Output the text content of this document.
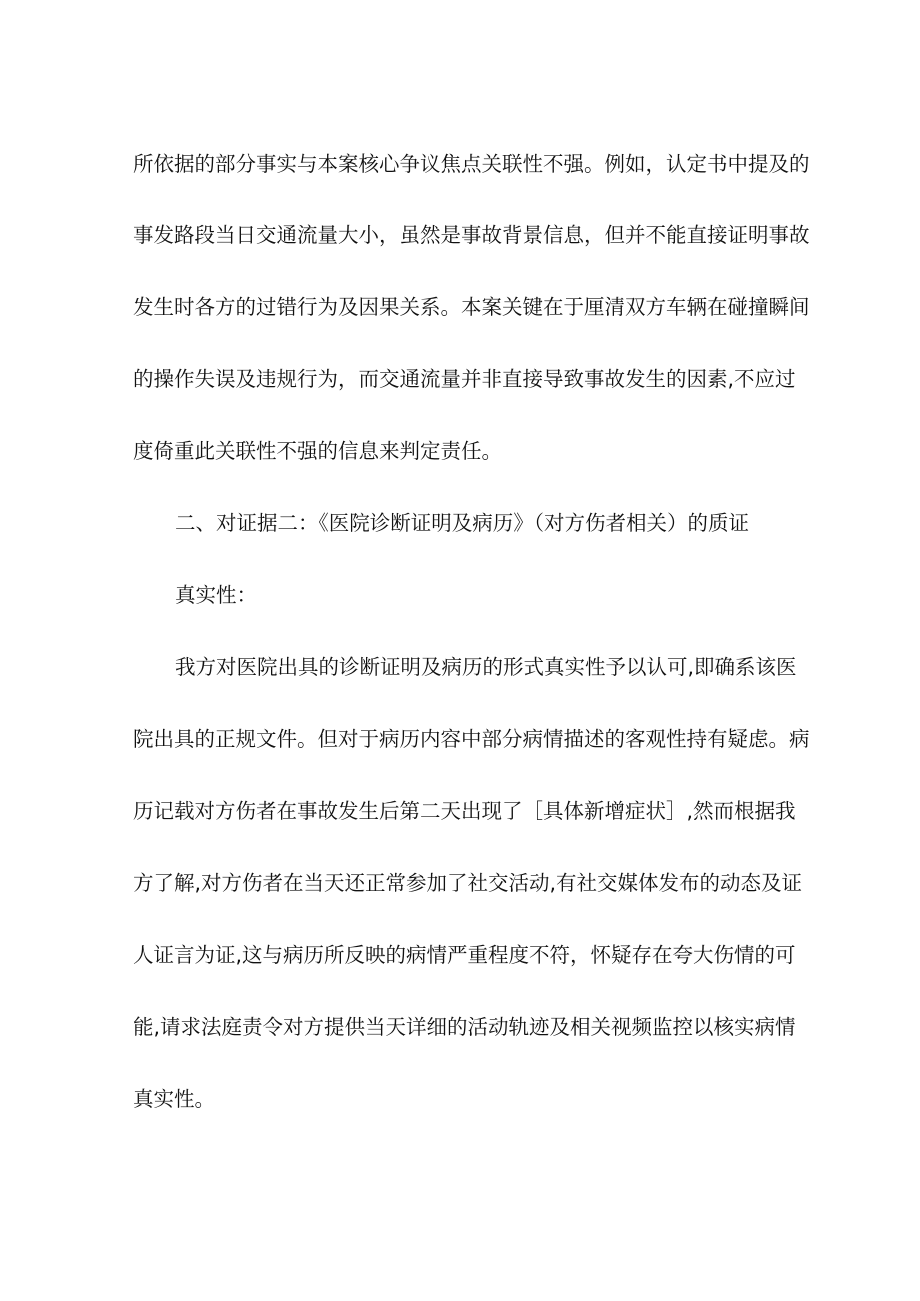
所依据的部分事实与本案核心争议焦点关联性不强。例如，认定书中提及的
事发路段当日交通流量大小，虽然是事故背景信息，但并不能直接证明事故
发生时各方的过错行为及因果关系。本案关键在于厘清双方车辆在碰撞瞬间
的操作失误及违规行为，而交通流量并非直接导致事故发生的因素,不应过
度倚重此关联性不强的信息来判定责任。
二、对证据二：《医院诊断证明及病历》（对方伤者相关）的质证
真实性：
我方对医院出具的诊断证明及病历的形式真实性予以认可,即确系该医
院出具的正规文件。但对于病历内容中部分病情描述的客观性持有疑虑。病
历记载对方伤者在事故发生后第二天出现了［具体新增症状］,然而根据我
方了解,对方伤者在当天还正常参加了社交活动,有社交媒体发布的动态及证
人证言为证,这与病历所反映的病情严重程度不符，怀疑存在夸大伤情的可
能,请求法庭责令对方提供当天详细的活动轨迹及相关视频监控以核实病情
真实性。
